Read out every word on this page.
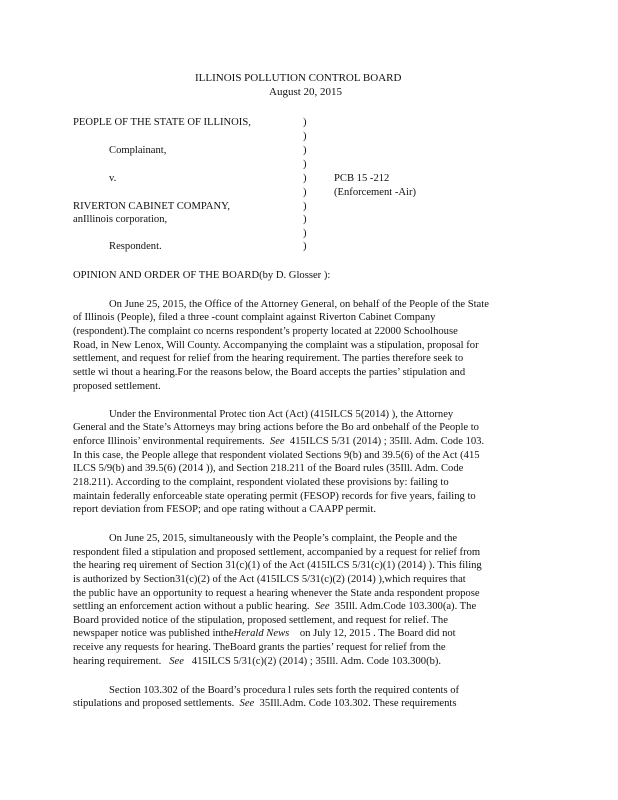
ILLINOIS POLLUTION CONTROL BOARD
August 20, 2015
PEOPLE OF THE STATE OF ILLINOIS,
Complainant,
v.
RIVERTON CABINET COMPANY,
anIllinois corporation,
Respondent.
)
)
)
)
)
)
)
)
)
)
PCB 15 -212
(Enforcement -Air)
OPINION AND ORDER OF THE BOARD(by D. Glosser ):
On June 25, 2015, the Office of the Attorney General, on behalf of the People of the State
of Illinois (People), filed a three -count complaint against Riverton Cabinet Company
(respondent).The complaint co ncerns respondent’s property located at 22000 Schoolhouse
Road, in New Lenox, Will County. Accompanying the complaint was a stipulation, proposal for
settlement, and request for relief from the hearing requirement. The parties therefore seek to
settle wi thout a hearing.For the reasons below, the Board accepts the parties’ stipulation and
proposed settlement.
Under the Environmental Protec tion Act (Act) (415ILCS 5(2014) ), the Attorney
General and the State’s Attorneys may bring actions before the Bo ard onbehalf of the People to
enforce Illinois’ environmental requirements. See 415ILCS 5/31 (2014) ; 35Ill. Adm. Code 103.
In this case, the People allege that respondent violated Sections 9(b) and 39.5(6) of the Act (415
ILCS 5/9(b) and 39.5(6) (2014 )), and Section 218.211 of the Board rules (35Ill. Adm. Code
218.211). According to the complaint, respondent violated these provisions by: failing to
maintain federally enforceable state operating permit (FESOP) records for five years, failing to
report deviation from FESOP; and ope rating without a CAAPP permit.
On June 25, 2015, simultaneously with the People’s complaint, the People and the
respondent filed a stipulation and proposed settlement, accompanied by a request for relief from
the hearing req uirement of Section 31(c)(1) of the Act (415ILCS 5/31(c)(1) (2014) ). This filing
is authorized by Section31(c)(2) of the Act (415ILCS 5/31(c)(2) (2014) ),which requires that
the public have an opportunity to request a hearing whenever the State anda respondent propose
settling an enforcement action without a public hearing. See 35Ill. Adm.Code 103.300(a). The
Board provided notice of the stipulation, proposed settlement, and request for relief. The
newspaper notice was published intheHerald News on July 12, 2015 . The Board did not
receive any requests for hearing. TheBoard grants the parties’ request for relief from the
hearing requirement. See 415ILCS 5/31(c)(2) (2014) ; 35Ill. Adm. Code 103.300(b).
Section 103.302 of the Board’s procedura l rules sets forth the required contents of
stipulations and proposed settlements. See 35Ill.Adm. Code 103.302. These requirements
